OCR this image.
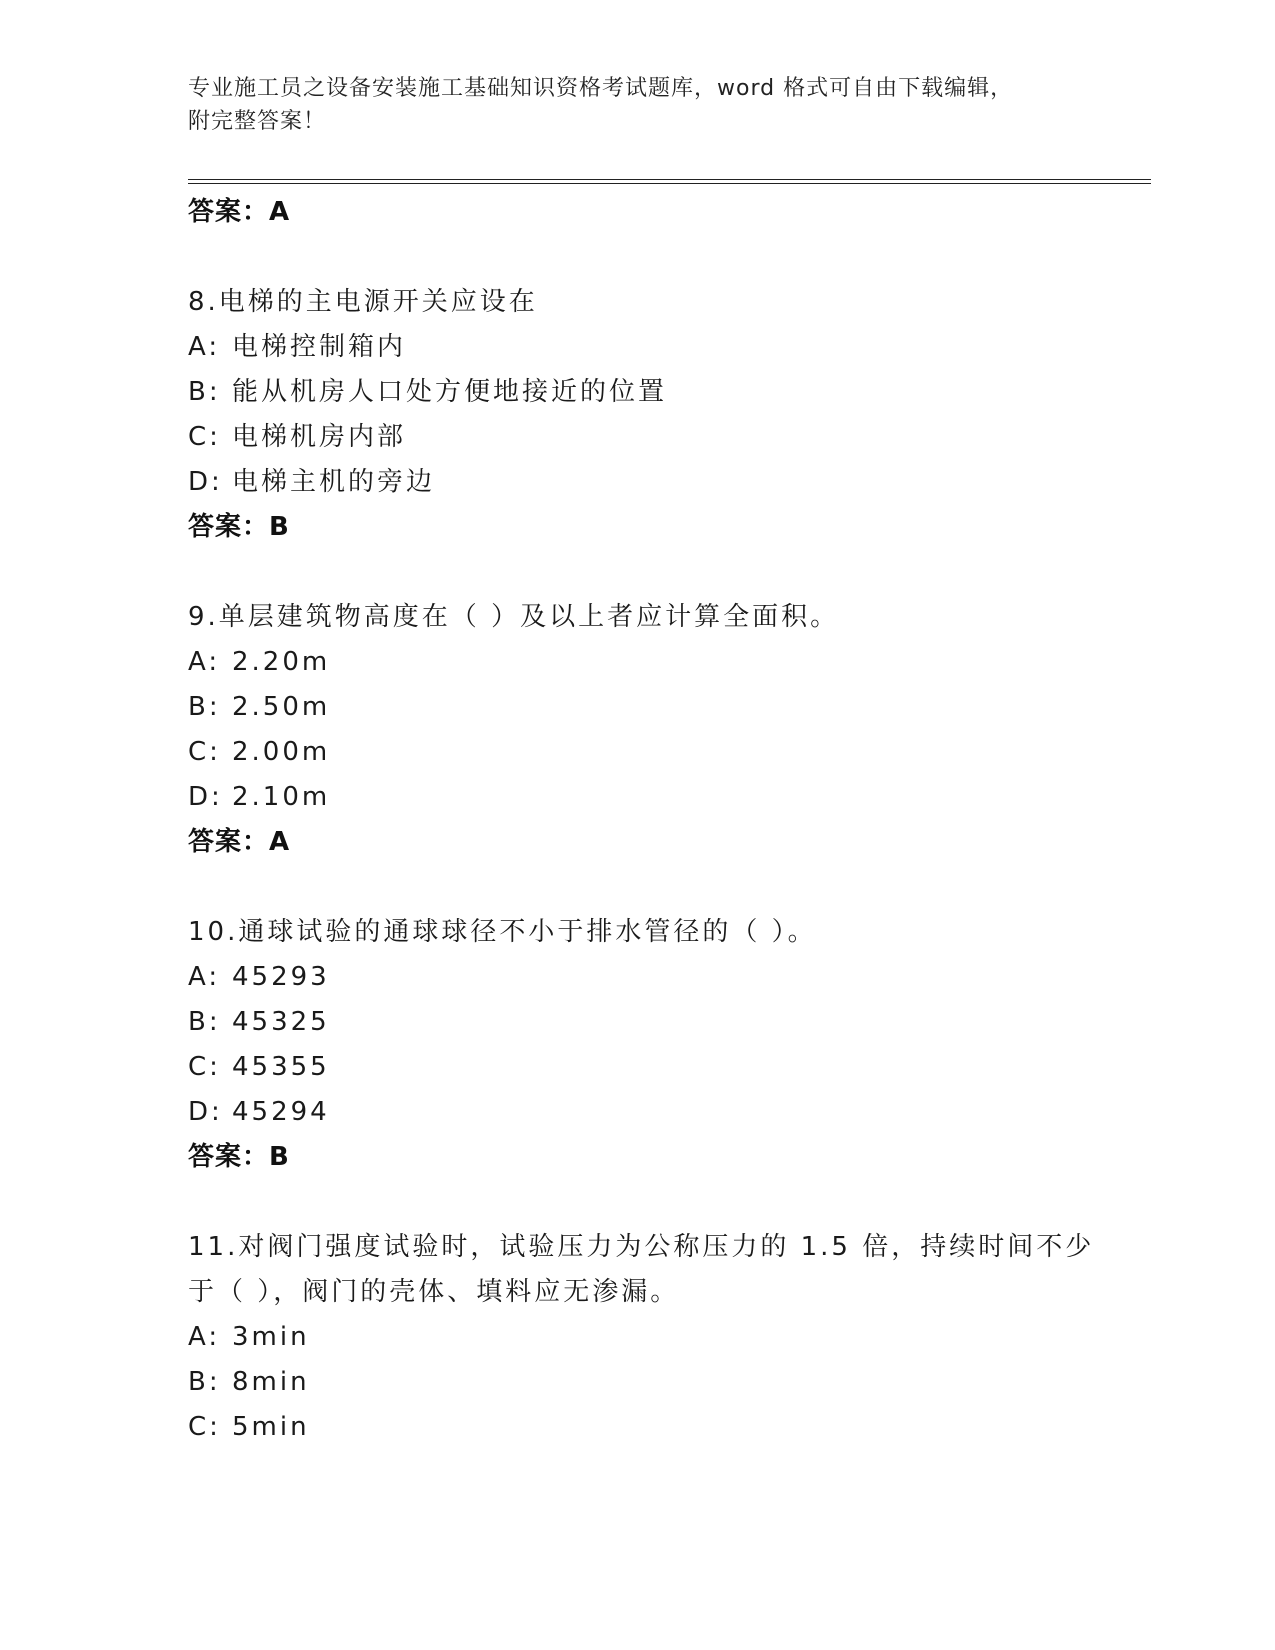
专业施工员之设备安装施工基础知识资格考试题库，word 格式可自由下载编辑，
附完整答案！
答案：A
8.电梯的主电源开关应设在
A: 电梯控制箱内
B: 能从机房人口处方便地接近的位置
C: 电梯机房内部
D: 电梯主机的旁边
答案：B
9.单层建筑物高度在（ ）及以上者应计算全面积。
A: 2.20m
B: 2.50m
C: 2.00m
D: 2.10m
答案：A
10.通球试验的通球球径不小于排水管径的（ ）。
A: 45293
B: 45325
C: 45355
D: 45294
答案：B
11.对阀门强度试验时，试验压力为公称压力的 1.5 倍，持续时间不少
于（ ），阀门的壳体、填料应无渗漏。
A: 3min
B: 8min
C: 5min
